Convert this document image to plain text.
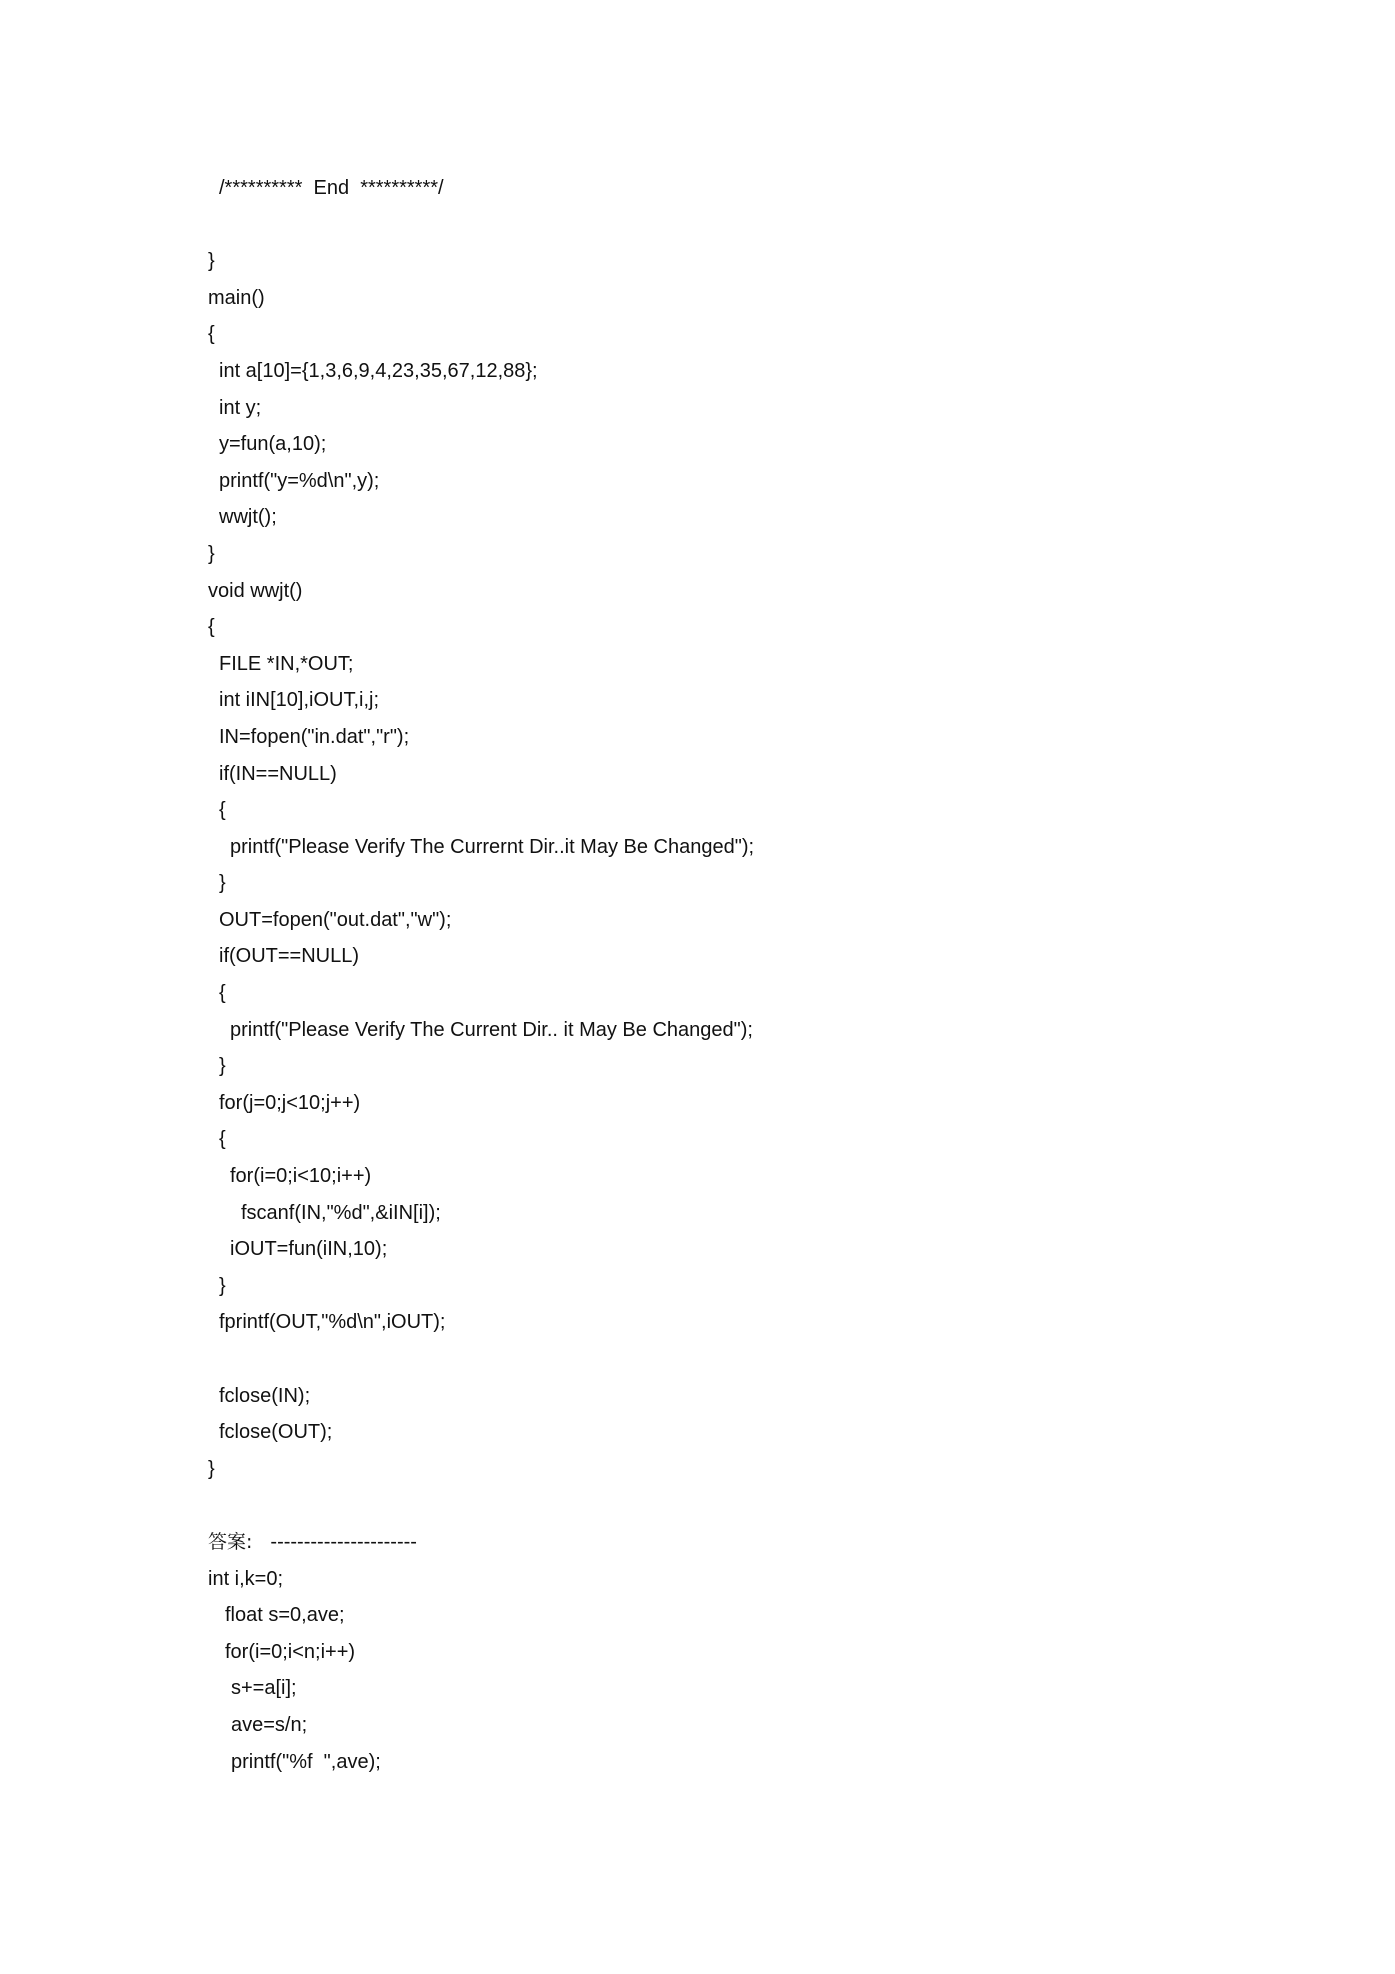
/**********  End  **********/
}
main()
{
int a[10]={1,3,6,9,4,23,35,67,12,88};
int y;
y=fun(a,10);
printf("y=%d\n",y);
wwjt();
}
void wwjt()
{
FILE *IN,*OUT;
int iIN[10],iOUT,i,j;
IN=fopen("in.dat","r");
if(IN==NULL)
{
printf("Please Verify The Currernt Dir..it May Be Changed");
}
OUT=fopen("out.dat","w");
if(OUT==NULL)
{
printf("Please Verify The Current Dir.. it May Be Changed");
}
for(j=0;j<10;j++)
{
for(i=0;i<10;i++)
fscanf(IN,"%d",&iIN[i]);
iOUT=fun(iIN,10);
}
fprintf(OUT,"%d\n",iOUT);
fclose(IN);
fclose(OUT);
}
答案: ----------------------
int i,k=0;
float s=0,ave;
for(i=0;i<n;i++)
s+=a[i];
ave=s/n;
printf("%f  ",ave);
